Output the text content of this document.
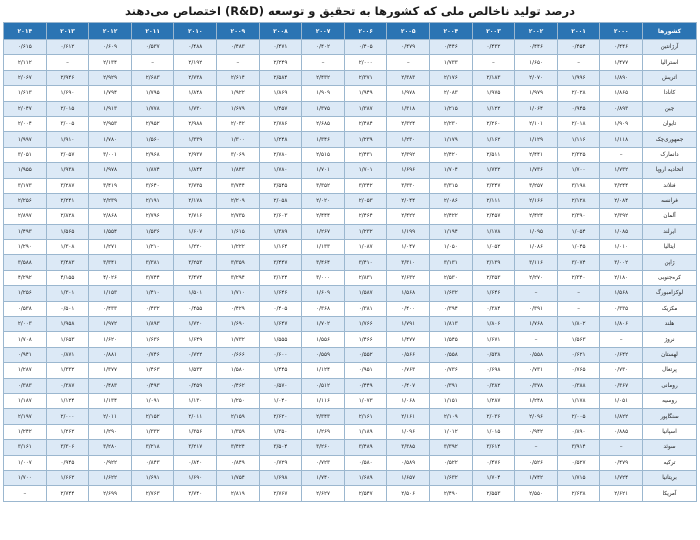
درصد تولید ناخالص ملی که کشورها به تحقیق و توسعه (R&D) اختصاص می‌دهند
کشورها	۲۰۰۰	۲۰۰۱	۲۰۰۲	۲۰۰۳	۲۰۰۴	۲۰۰۵	۲۰۰۶	۲۰۰۷	۲۰۰۸	۲۰۰۹	۲۰۱۰	۲۰۱۱	۲۰۱۲	۲۰۱۳	۲۰۱۴
آرژانتین	۰/۴۴۶	۰/۴۵۴	۰/۴۴۶	۰/۴۳۲	۰/۴۴۶	۰/۴۷۹	۰/۴۰۵	۰/۴۰۲	۰/۴۷۱	۰/۴۸۳	۰/۴۸۸	۰/۵۳۷	۰/۶۰۹	۰/۶۱۲	۰/۶۱۵
استرالیا	۱/۴۷۷	–	۱/۶۵۰	–	۱/۷۳۳	–	۲/۰۰۰	–	۲/۲۴۹	–	۲/۱۹۲	–	۲/۱۳۴	–	۲/۱۱۲
اتریش	۱/۸۹۰	۱/۹۹۶	۲/۰۷۰	۲/۱۸۳	۲/۱۷۶	۲/۳۸۳	۲/۳۷۱	۲/۴۳۲	۲/۵۸۴	۲/۶۱۴	۲/۷۳۸	۲/۶۸۳	۲/۹۲۹	۲/۹۴۶	۲/۰۶۷
کانادا	۱/۸۶۵	۲/۰۲۸	۱/۹۷۹	۱/۹۷۵	۲/۰۸۳	۱/۹۷۸	۱/۹۴۹	۱/۹۰۹	۱/۸۶۹	۱/۹۲۲	۱/۸۴۸	۱/۷۹۵	۱/۷۹۴	۱/۶۹۰	۱/۶۱۳
چین	۰/۸۹۳	۰/۹۴۵	۱/۰۶۴	۱/۱۲۲	۱/۲۱۵	۱/۳۱۸	۱/۳۸۷	۱/۳۷۵	۱/۴۵۷	۱/۶۷۹	۱/۷۳۰	۱/۷۷۸	۱/۹۱۳	۲/۰۱۵	۲/۰۴۷
تایوان	۱/۹۰۹	۲/۰۱۸	۲/۱۰۱	۲/۲۶۰	۲/۲۳۰	۲/۳۲۴	۲/۴۸۴	۲/۶۸۵	۲/۷۸۶	۲/۰۴۲	۲/۹۸۸	۲/۹۵۲	۲/۹۵۳	۳/۰۰۵	۲/۰۰۴
جمهوری‌چک	۱/۱۱۸	۱/۱۱۶	۱/۱۲۹	۱/۱۶۲	۱/۱۷۹	۱/۲۳۰	۱/۲۳۹	۱/۳۴۶	۱/۲۴۸	۱/۳۰۰	۱/۳۳۹	۱/۵۶۰	۱/۷۸۰	۱/۹۱۰	۱/۹۹۷
دانمارک	–	۲/۳۲۵	۲/۴۴۱	۲/۵۱۱	۲/۴۲۰	۲/۳۹۲	۲/۴۳۱	۲/۵۱۵	۲/۷۸۰	۳/۰۶۹	۲/۹۳۷	۲/۹۶۸	۳/۰۰۱	۳/۰۵۷	۳/۰۵۱
اتحادیه اروپا	۱/۷۳۲	۱/۷۰۰	۱/۷۳۶	۱/۷۳۲	۱/۷۰۴	۱/۶۹۶	۱/۷۰۱	۱/۷۰۱	۱/۷۸۰	۱/۸۴۳	۱/۸۴۴	۱/۸۷۴	۱/۹۷۸	۱/۹۳۸	۱/۹۵۵
فنلاند	۳/۲۴۴	۳/۱۹۸	۳/۲۵۷	۳/۳۴۷	۳/۳۱۵	۳/۳۳۰	۳/۳۴۲	۳/۳۵۲	۳/۵۴۵	۳/۷۴۴	۳/۷۳۵	۳/۶۴۰	۳/۴۱۹	۳/۲۸۷	۳/۱۷۳
فرانسه	۲/۰۸۴	۲/۱۲۸	۲/۱۶۶	۲/۱۱۱	۲/۰۸۶	۲/۰۴۴	۲/۰۵۳	۲/۰۲۰	۲/۰۵۸	۲/۲۰۹	۲/۱۷۸	۲/۱۹۱	۲/۲۳۹	۲/۲۴۱	۲/۲۵۶
آلمان	۲/۳۹۲	۲/۳۹۰	۲/۴۲۴	۲/۴۵۷	۲/۴۲۲	۲/۴۲۲	۲/۴۶۴	۲/۴۴۴	۲/۶۰۳	۲/۷۳۵	۲/۷۱۶	۲/۷۹۶	۲/۸۶۸	۲/۸۲۸	۲/۸۹۷
ایرلند	۱/۰۸۵	۱/۰۵۴	۱/۰۹۵	۱/۱۷۸	۱/۱۹۴	۱/۱۹۹	۱/۲۳۲	۱/۲۶۷	۱/۳۸۹	۱/۶۱۵	۱/۶۰۷	۱/۵۳۶	۱/۵۵۴	۱/۵۶۵	۱/۴۹۳
ایتالیا	۱/۰۱۰	۱/۰۴۵	۱/۰۸۶	۱/۰۵۲	۱/۰۵۰	۱/۰۴۷	۱/۰۸۷	۱/۱۳۳	۱/۱۶۴	۱/۲۲۲	۱/۲۲۰	۱/۲۱۰	۱/۲۷۱	۱/۳۰۸	۱/۲۹۰
ژاپن	۳/۰۰۲	۳/۰۷۴	۳/۱۱۶	۳/۱۳۹	۳/۱۳۱	۳/۳۱۰	۳/۴۱۰	۳/۴۶۴	۳/۴۴۷	۳/۳۵۹	۳/۲۵۳	۳/۳۸۱	۳/۳۴۱	۳/۴۸۳	۳/۵۸۸
کره‌جنوبی	۲/۱۸۰	۲/۳۴۰	۲/۲۷۰	۲/۳۵۳	۲/۵۳۰	۲/۶۳۲	۲/۸۳۱	۳/۰۰۰	۳/۱۲۴	۳/۲۹۴	۳/۴۷۴	۳/۷۴۴	۴/۰۲۶	۴/۱۵۵	۴/۲۹۲
لوکزامبورگ	۱/۵۶۸	–	–	۱/۶۴۶	۱/۶۳۲	۱/۵۶۸	۱/۵۸۷	۱/۶۰۹	۱/۶۴۶	۱/۷۱۰	۱/۵۰۱	۱/۴۱۰	۱/۱۵۳	۱/۳۰۱	۱/۲۵۶
مکزیک	۰/۳۳۵	–	۰/۳۹۱	۰/۳۸۴	۰/۳۹۴	۰/۴۰۰	۰/۳۸۱	۰/۳۶۸	۰/۴۰۵	۰/۴۲۹	۰/۴۵۵	۰/۴۳۲	۰/۴۳۳	۰/۵۰۱	۰/۵۳۸
هلند	۱/۸۰۶	۱/۸۰۲	۱/۷۶۸	۱/۸۰۶	۱/۸۱۳	۱/۷۹۱	۱/۷۶۶	۱/۷۰۲	۱/۶۴۷	۱/۶۹۰	۱/۷۲۰	۱/۸۹۳	۱/۹۷۲	۱/۹۵۸	۲/۰۰۳
نروژ	–	۱/۵۶۳	–	۱/۶۷۱	۱/۵۴۵	۱/۴۷۷	۱/۴۶۶	۱/۵۵۶	۱/۵۵۵	۱/۷۳۲	۱/۶۴۹	۱/۶۳۶	۱/۶۲۰	۱/۶۵۳	۱/۷۰۸
لهستان	۰/۶۴۲	۰/۶۲۱	۰/۵۵۸	۰/۵۳۸	۰/۵۵۸	۰/۵۶۶	۰/۵۵۲	۰/۵۵۹	۰/۶۰۰	۰/۶۶۶	۰/۷۲۲	۰/۷۴۶	۰/۸۸۱	۰/۸۷۱	۰/۹۴۱
پرتغال	۰/۷۳۰	۰/۷۶۵	۰/۷۳۱	۰/۶۹۸	۰/۷۳۶	۰/۷۶۳	۰/۹۵۱	۱/۱۲۴	۱/۴۴۵	۱/۵۸۰	۱/۵۳۳	۱/۴۶۳	۱/۳۷۷	۱/۳۳۲	۱/۲۸۷
رومانی	۰/۳۶۷	۰/۳۸۸	۰/۳۷۸	۰/۳۸۲	۰/۳۹۱	۰/۴۰۷	۰/۴۴۹	۰/۵۱۲	۰/۵۷۰	۰/۴۶۲	۰/۴۵۹	۰/۴۹۳	۰/۴۸۳	۰/۳۸۷	۰/۳۸۳
روسیه	۱/۰۵۱	۱/۱۷۸	۱/۲۴۸	۱/۲۸۷	۱/۱۵۱	۱/۰۶۸	۱/۰۷۳	۱/۱۱۶	۱/۰۴۰	۱/۲۵۰	۱/۱۳۰	۱/۰۹۱	۱/۱۳۴	۱/۱۲۴	۱/۱۸۷
سنگاپور	۱/۸۲۲	۲/۰۰۵	۲/۰۹۶	۲/۰۳۶	۲/۱۰۹	۲/۱۶۱	۲/۱۶۱	۲/۳۴۳	۲/۶۲۰	۲/۱۵۹	۲/۰۱۱	۲/۱۵۲	۲/۰۱۱	۲/۰۰۰	۲/۱۹۷
اسپانیا	۰/۸۸۵	۰/۸۹۰	۰/۹۴۲	۱/۰۱۵	۱/۰۱۲	۱/۰۹۶	۱/۱۸۹	۱/۲۶۹	۱/۳۵۰	۱/۳۵۹	۱/۳۵۶	۱/۳۳۲	۱/۲۹۰	۱/۲۶۲	۱/۲۴۲
سوئد	–	۳/۹۱۴	–	۳/۶۱۴	۳/۳۹۲	۳/۳۸۵	۳/۴۸۹	۳/۲۶۰	۳/۵۰۴	۳/۴۲۴	۳/۲۱۷	۳/۲۱۸	۳/۲۸۰	۳/۳۰۶	۳/۱۶۱
ترکیه	۰/۴۷۹	۰/۵۲۷	۰/۵۲۶	۰/۴۷۶	۰/۵۲۲	۰/۵۸۹	۰/۵۸۰	۰/۷۲۳	۰/۷۲۹	۰/۸۴۹	۰/۸۴۰	۰/۸۴۳	۰/۹۲۲	۰/۹۴۵	۱/۰۰۷
بریتانیا	۱/۷۲۴	۱/۷۱۵	۱/۷۴۲	۱/۷۰۴	۱/۶۳۲	۱/۶۵۷	۱/۶۸۹	۱/۷۴۰	۱/۶۹۸	۱/۷۵۴	۱/۶۹۰	۱/۶۹۱	۱/۶۲۲	۱/۶۶۲	۱/۷۰۰
آمریکا	۲/۶۲۱	۲/۶۳۸	۲/۵۵۰	۲/۵۵۳	۲/۴۹۰	۲/۵۰۶	۲/۵۴۷	۲/۶۲۷	۲/۷۶۷	۲/۸۱۹	۲/۷۴۰	۲/۷۶۳	۲/۶۹۹	۲/۷۴۴	–
